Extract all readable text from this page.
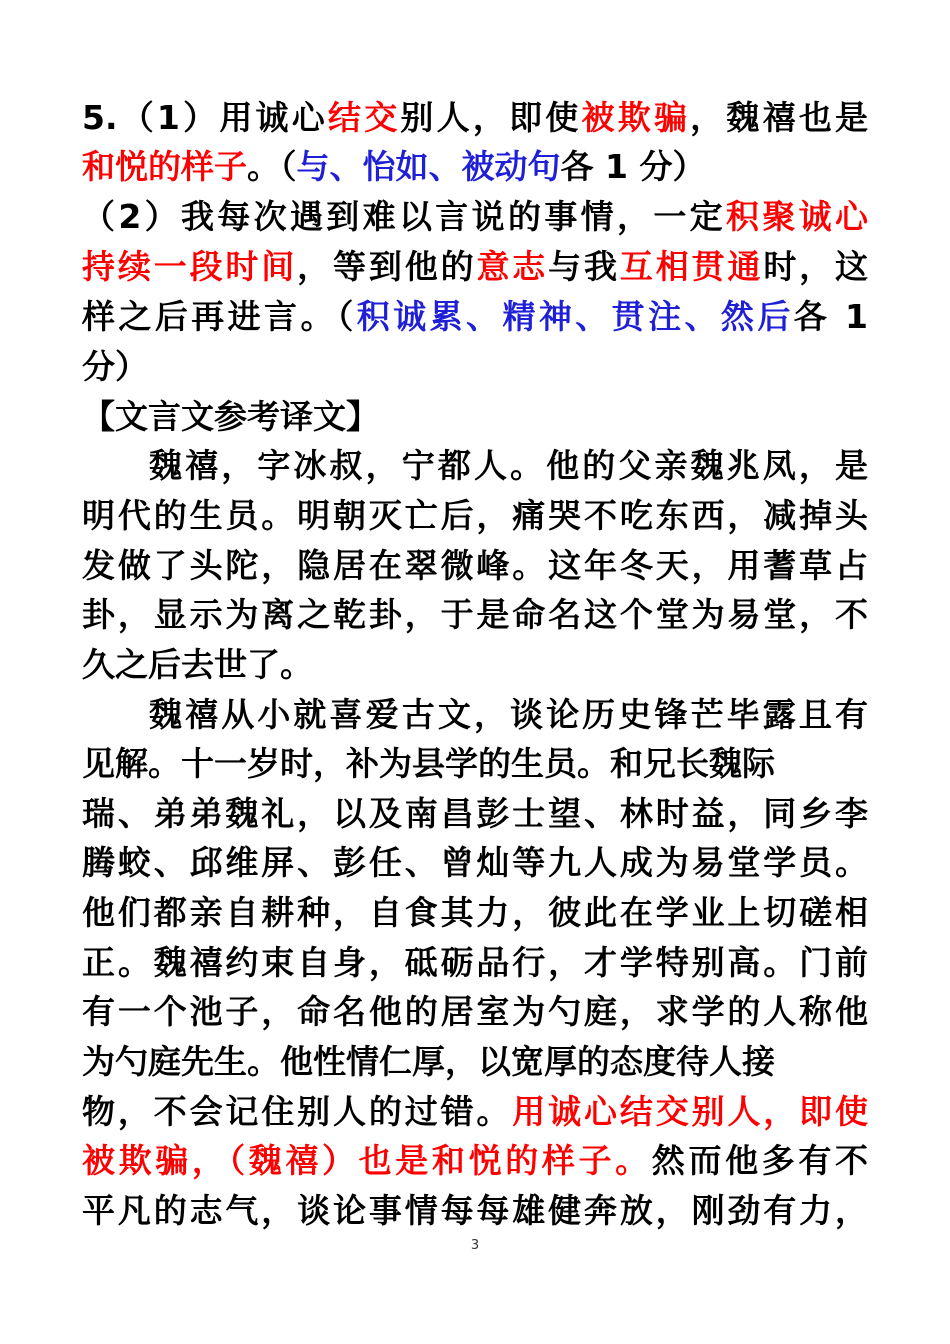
5.（1）用诚心结交别人，即使被欺骗，魏禧也是
和悦的样子。（与、怡如、被动句各 1 分）
（2）我每次遇到难以言说的事情，一定积聚诚心
持续一段时间，等到他的意志与我互相贯通时，这
样之后再进言。（积诚累、精神、贯注、然后各 1
分）
【文言文参考译文】
魏禧，字冰叔，宁都人。他的父亲魏兆凤，是
明代的生员。明朝灭亡后，痛哭不吃东西，减掉头
发做了头陀，隐居在翠微峰。这年冬天，用蓍草占
卦，显示为离之乾卦，于是命名这个堂为易堂，不
久之后去世了。
魏禧从小就喜爱古文，谈论历史锋芒毕露且有
见解。十一岁时，补为县学的生员。和兄长魏际
瑞、弟弟魏礼，以及南昌彭士望、林时益，同乡李
腾蛟、邱维屏、彭任、曾灿等九人成为易堂学员。
他们都亲自耕种，自食其力，彼此在学业上切磋相
正。魏禧约束自身，砥砺品行，才学特别高。门前
有一个池子，命名他的居室为勺庭，求学的人称他
为勺庭先生。他性情仁厚，以宽厚的态度待人接
物，不会记住别人的过错。用诚心结交别人，即使
被欺骗，（魏禧）也是和悦的样子。然而他多有不
平凡的志气，谈论事情每每雄健奔放，刚劲有力，
3
